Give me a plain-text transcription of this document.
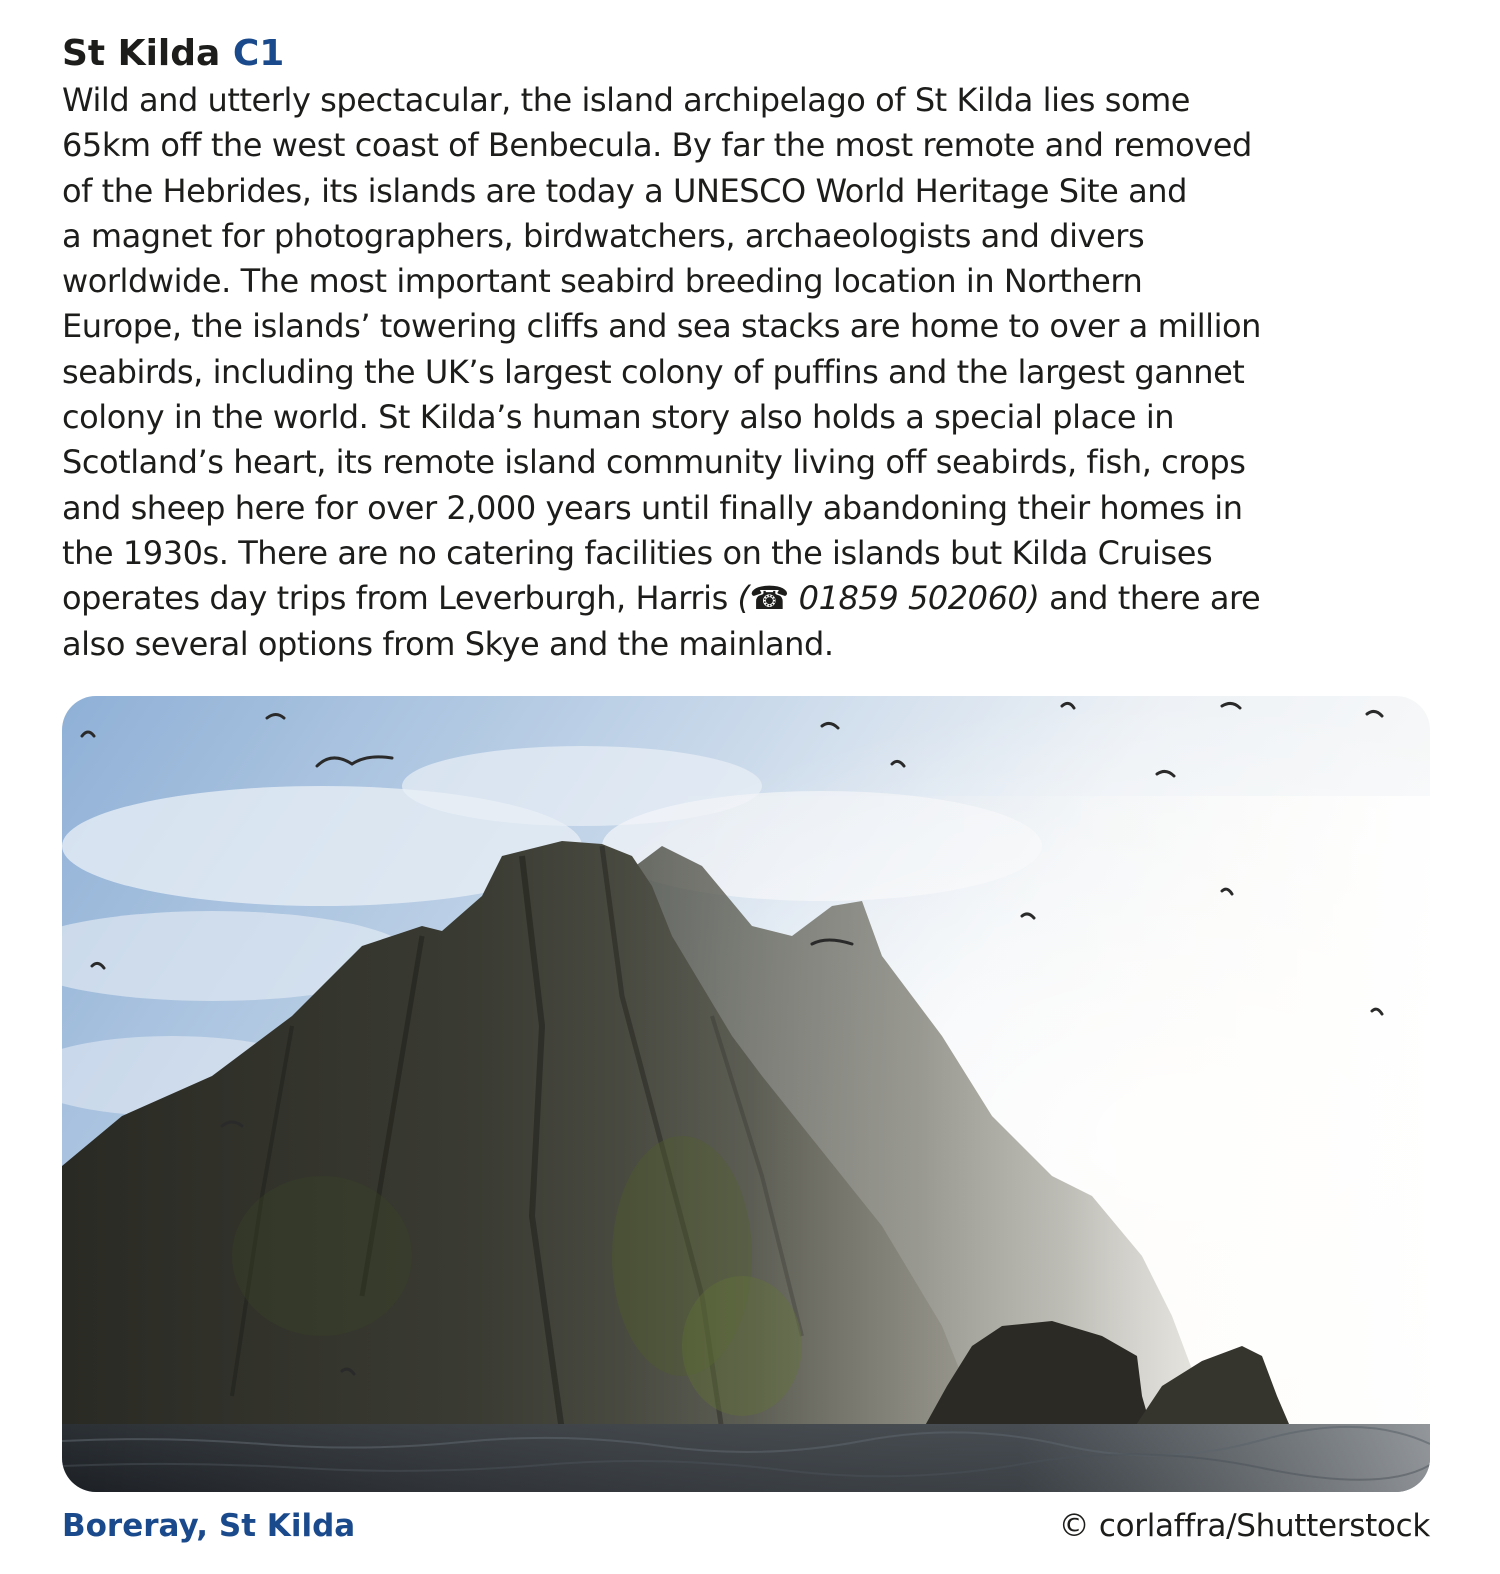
St Kilda C1

Wild and utterly spectacular, the island archipelago of St Kilda lies some
65km off the west coast of Benbecula. By far the most remote and removed
of the Hebrides, its islands are today a UNESCO World Heritage Site and
a magnet for photographers, birdwatchers, archaeologists and divers
worldwide. The most important seabird breeding location in Northern
Europe, the islands’ towering cliffs and sea stacks are home to over a million
seabirds, including the UK’s largest colony of puffins and the largest gannet
colony in the world. St Kilda’s human story also holds a special place in
Scotland’s heart, its remote island community living off seabirds, fish, crops
and sheep here for over 2,000 years until finally abandoning their homes in
the 1930s. There are no catering facilities on the islands but Kilda Cruises
operates day trips from Leverburgh, Harris (☎ 01859 502060) and there are
also several options from Skye and the mainland.

Boreray, St Kilda	© corlaffra/Shutterstock
